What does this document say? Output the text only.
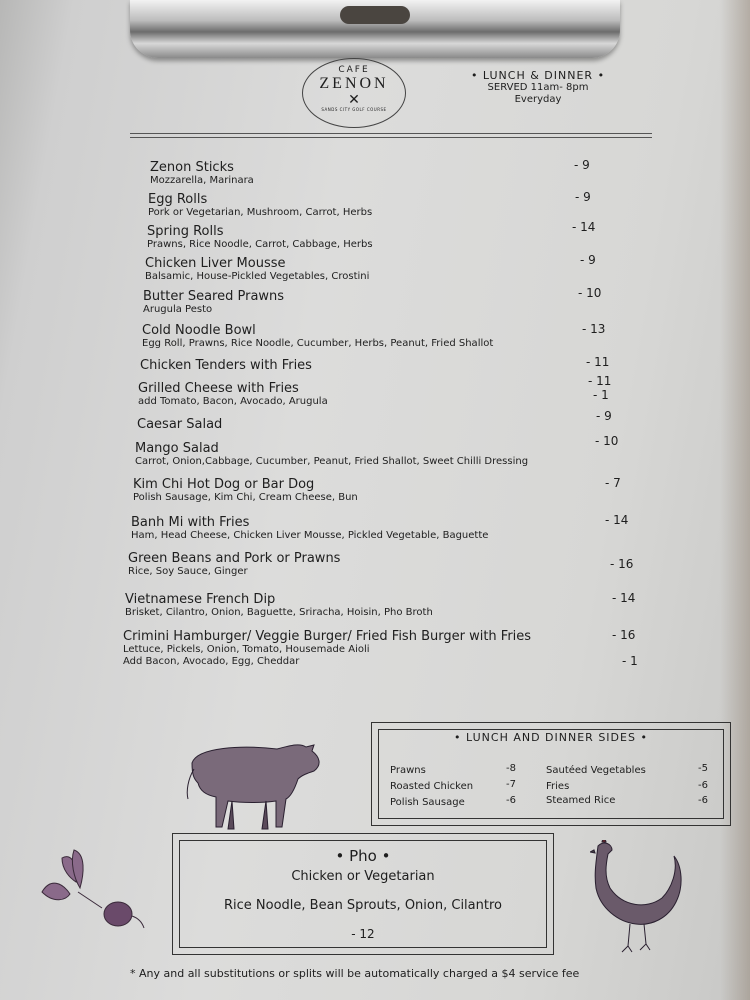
CAFE
ZENON
✕
SANDS CITY GOLF COURSE
• LUNCH & DINNER •
SERVED 11am- 8pm
Everyday
Zenon Sticks
Mozzarella, Marinara
- 9
Egg Rolls
Pork or Vegetarian, Mushroom, Carrot, Herbs
- 9
Spring Rolls
Prawns, Rice Noodle, Carrot, Cabbage, Herbs
- 14
Chicken Liver Mousse
Balsamic, House-Pickled Vegetables, Crostini
- 9
Butter Seared Prawns
Arugula Pesto
- 10
Cold Noodle Bowl
Egg Roll, Prawns, Rice Noodle, Cucumber, Herbs, Peanut, Fried Shallot
- 13
Chicken Tenders with Fries	- 11
Grilled Cheese with Fries
add Tomato, Bacon, Avocado, Arugula
- 11
- 1
Caesar Salad
- 9
Mango Salad
Carrot, Onion,Cabbage, Cucumber, Peanut, Fried Shallot, Sweet Chilli Dressing
- 10
Kim Chi Hot Dog or Bar Dog
Polish Sausage, Kim Chi, Cream Cheese, Bun
- 7
Banh Mi with Fries
Ham, Head Cheese, Chicken Liver Mousse, Pickled Vegetable, Baguette
- 14
Green Beans and Pork or Prawns
Rice, Soy Sauce, Ginger
- 16
Vietnamese French Dip
Brisket, Cilantro, Onion, Baguette, Sriracha, Hoisin, Pho Broth
- 14
Crimini Hamburger/ Veggie Burger/ Fried Fish Burger with Fries
Lettuce, Pickels, Onion, Tomato, Housemade Aioli
Add Bacon, Avocado, Egg, Cheddar
- 16
- 1
• LUNCH AND DINNER SIDES •
Prawns	-8
Roasted Chicken	-7
Polish Sausage	-6
Sautéed Vegetables	-5
Fries	-6
Steamed Rice	-6
• Pho •
Chicken or Vegetarian
Rice Noodle, Bean Sprouts, Onion, Cilantro
- 12
* Any and all substitutions or splits will be automatically charged a $4 service fee
